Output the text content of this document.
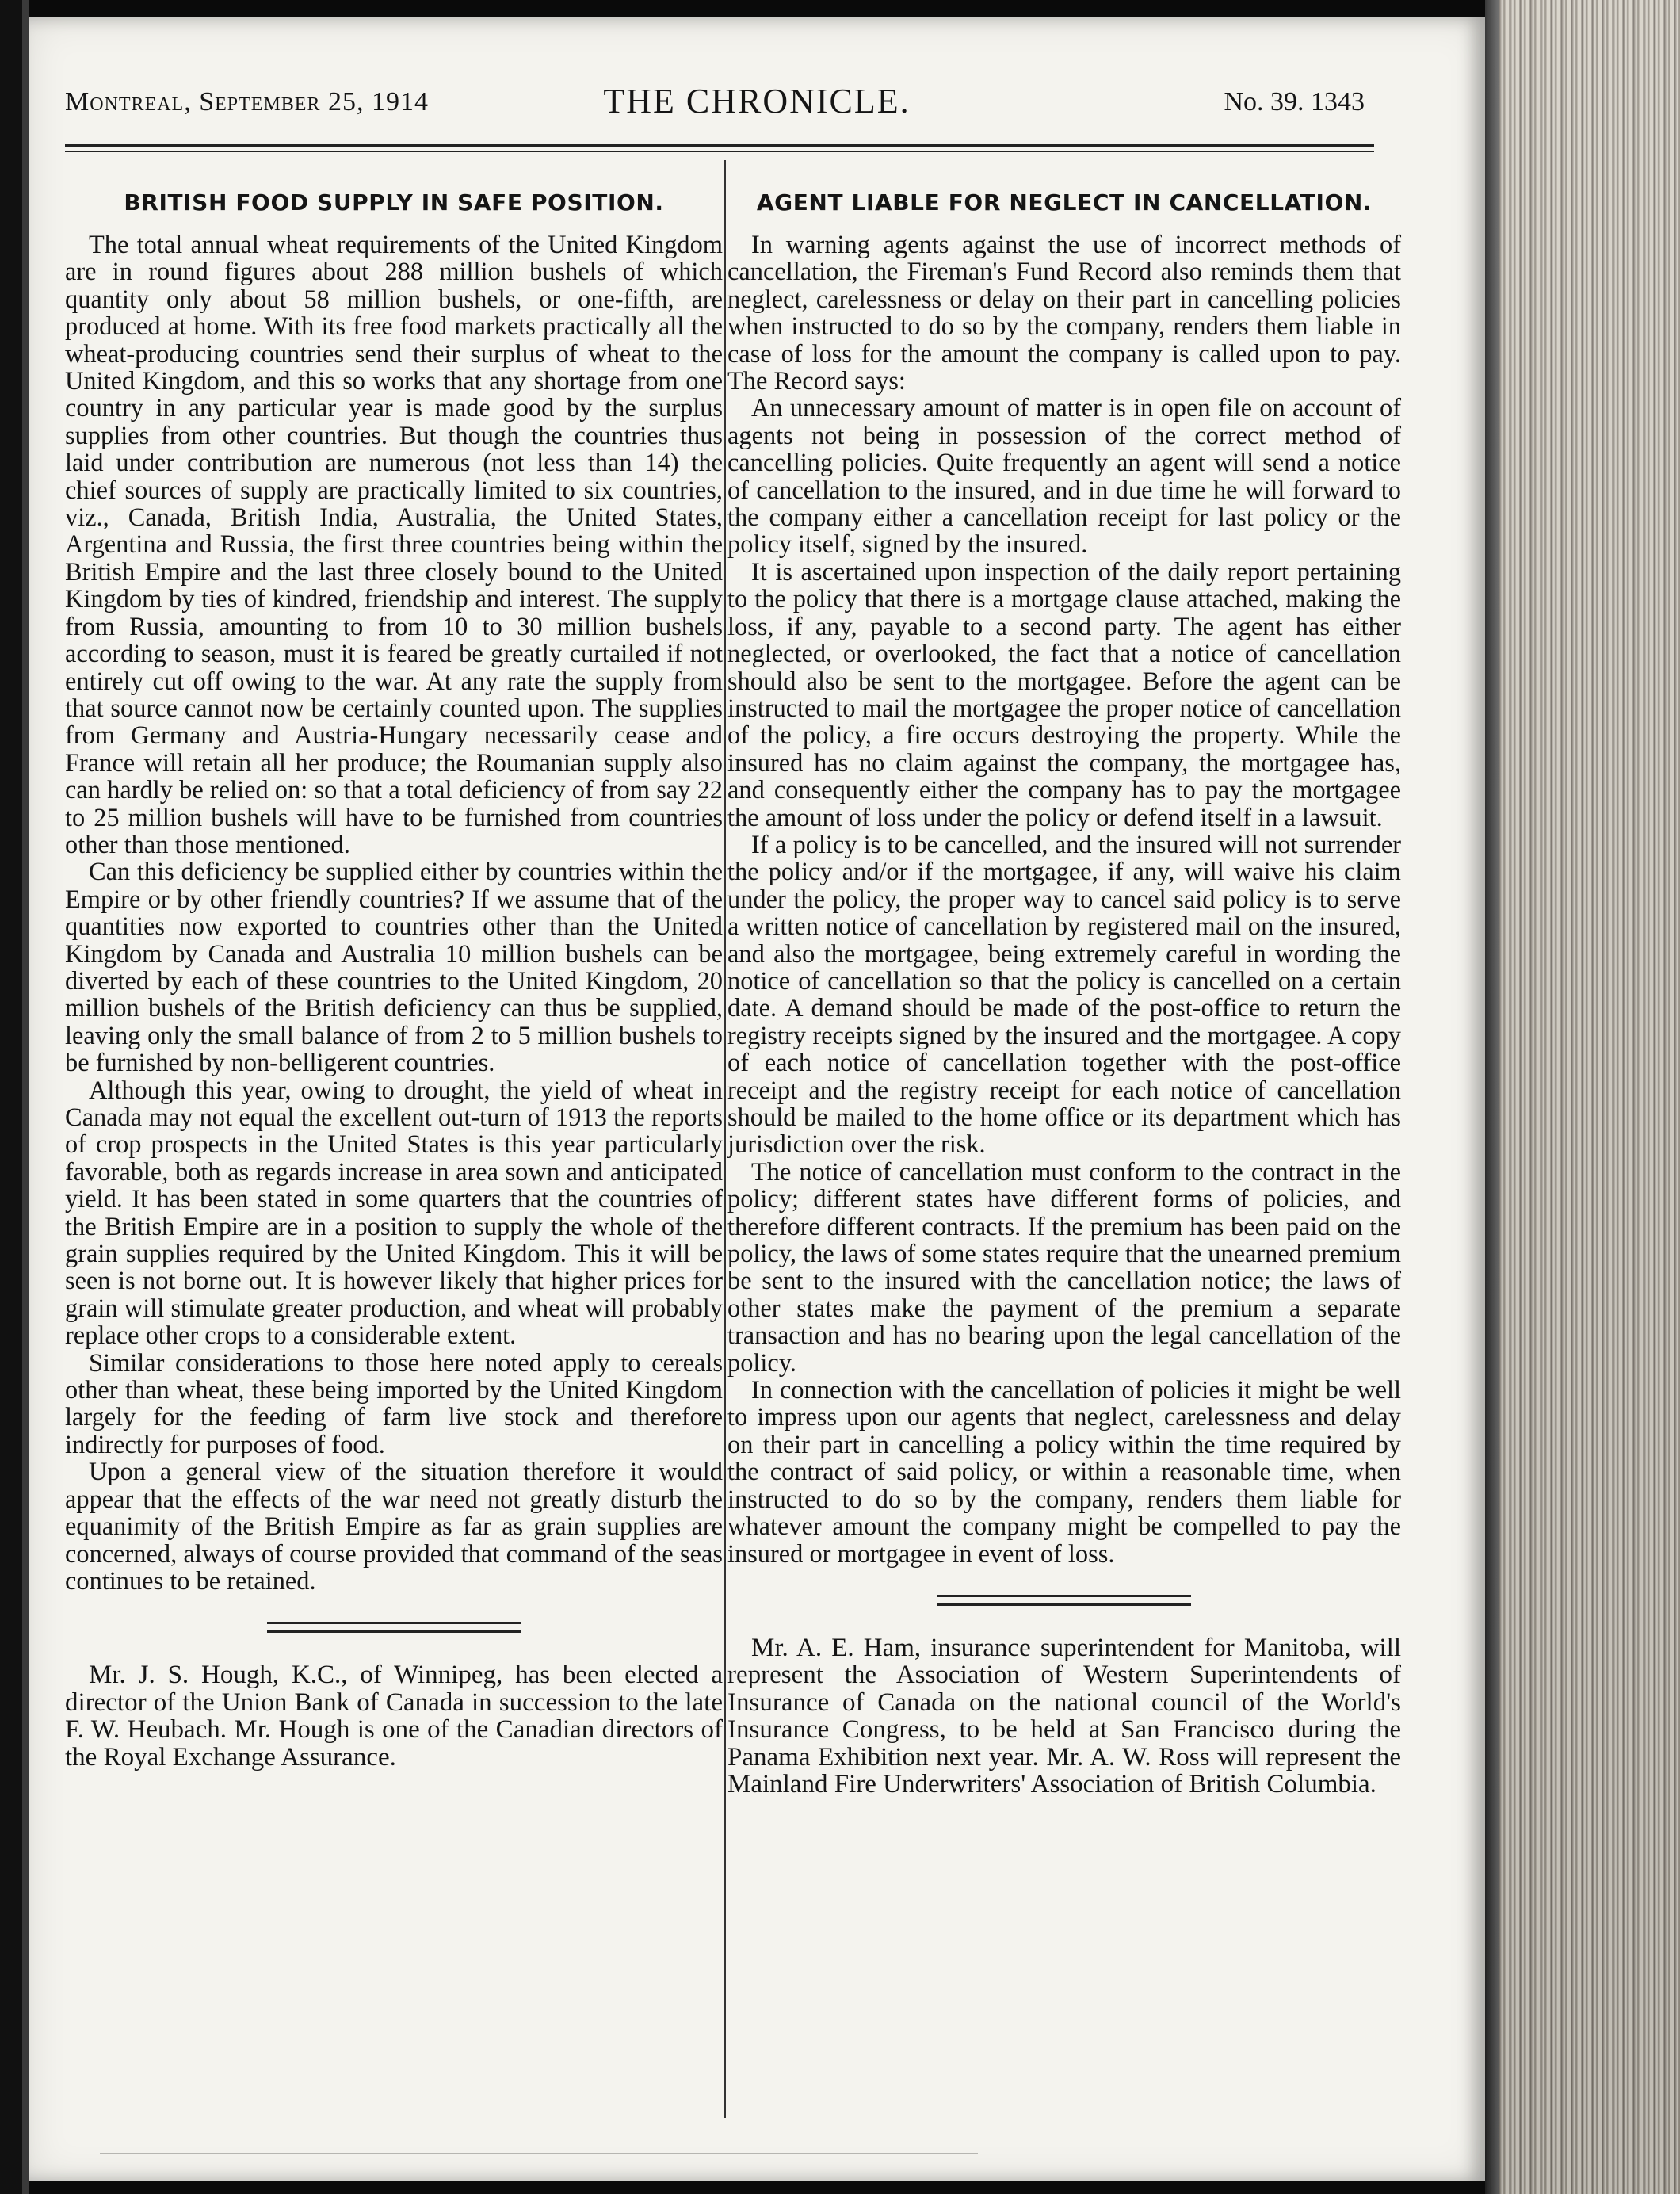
Montreal, September 25, 1914	THE CHRONICLE.	No. 39. 1343
BRITISH FOOD SUPPLY IN SAFE POSITION.

The total annual wheat requirements of the United Kingdom are in round figures about 288 million bushels of which quantity only about 58 million bushels, or one-fifth, are produced at home. With its free food markets practically all the wheat-producing countries send their surplus of wheat to the United Kingdom, and this so works that any shortage from one country in any particular year is made good by the surplus supplies from other countries. But though the countries thus laid under contribution are numerous (not less than 14) the chief sources of supply are practically limited to six countries, viz., Canada, British India, Australia, the United States, Argentina and Russia, the first three countries being within the British Empire and the last three closely bound to the United Kingdom by ties of kindred, friendship and interest. The supply from Russia, amounting to from 10 to 30 million bushels according to season, must it is feared be greatly curtailed if not entirely cut off owing to the war. At any rate the supply from that source cannot now be certainly counted upon. The supplies from Germany and Austria-Hungary necessarily cease and France will retain all her produce; the Roumanian supply also can hardly be relied on: so that a total deficiency of from say 22 to 25 million bushels will have to be furnished from countries other than those mentioned.

Can this deficiency be supplied either by countries within the Empire or by other friendly countries? If we assume that of the quantities now exported to countries other than the United Kingdom by Canada and Australia 10 million bushels can be diverted by each of these countries to the United Kingdom, 20 million bushels of the British deficiency can thus be supplied, leaving only the small balance of from 2 to 5 million bushels to be furnished by non-belligerent countries.

Although this year, owing to drought, the yield of wheat in Canada may not equal the excellent out-turn of 1913 the reports of crop prospects in the United States is this year particularly favorable, both as regards increase in area sown and anticipated yield. It has been stated in some quarters that the countries of the British Empire are in a position to supply the whole of the grain supplies required by the United Kingdom. This it will be seen is not borne out. It is however likely that higher prices for grain will stimulate greater production, and wheat will probably replace other crops to a considerable extent.

Similar considerations to those here noted apply to cereals other than wheat, these being imported by the United Kingdom largely for the feeding of farm live stock and therefore indirectly for purposes of food.

Upon a general view of the situation therefore it would appear that the effects of the war need not greatly disturb the equanimity of the British Empire as far as grain supplies are concerned, always of course provided that command of the seas continues to be retained.

Mr. J. S. Hough, K.C., of Winnipeg, has been elected a director of the Union Bank of Canada in succession to the late F. W. Heubach. Mr. Hough is one of the Canadian directors of the Royal Exchange Assurance.

AGENT LIABLE FOR NEGLECT IN CANCELLATION.

In warning agents against the use of incorrect methods of cancellation, the Fireman's Fund Record also reminds them that neglect, carelessness or delay on their part in cancelling policies when instructed to do so by the company, renders them liable in case of loss for the amount the company is called upon to pay. The Record says:

An unnecessary amount of matter is in open file on account of agents not being in possession of the correct method of cancelling policies. Quite frequently an agent will send a notice of cancellation to the insured, and in due time he will forward to the company either a cancellation receipt for last policy or the policy itself, signed by the insured.

It is ascertained upon inspection of the daily report pertaining to the policy that there is a mortgage clause attached, making the loss, if any, payable to a second party. The agent has either neglected, or overlooked, the fact that a notice of cancellation should also be sent to the mortgagee. Before the agent can be instructed to mail the mortgagee the proper notice of cancellation of the policy, a fire occurs destroying the property. While the insured has no claim against the company, the mortgagee has, and consequently either the company has to pay the mortgagee the amount of loss under the policy or defend itself in a lawsuit.

If a policy is to be cancelled, and the insured will not surrender the policy and/or if the mortgagee, if any, will waive his claim under the policy, the proper way to cancel said policy is to serve a written notice of cancellation by registered mail on the insured, and also the mortgagee, being extremely careful in wording the notice of cancellation so that the policy is cancelled on a certain date. A demand should be made of the post-office to return the registry receipts signed by the insured and the mortgagee. A copy of each notice of cancellation together with the post-office receipt and the registry receipt for each notice of cancellation should be mailed to the home office or its department which has jurisdiction over the risk.

The notice of cancellation must conform to the contract in the policy; different states have different forms of policies, and therefore different contracts. If the premium has been paid on the policy, the laws of some states require that the unearned premium be sent to the insured with the cancellation notice; the laws of other states make the payment of the premium a separate transaction and has no bearing upon the legal cancellation of the policy.

In connection with the cancellation of policies it might be well to impress upon our agents that neglect, carelessness and delay on their part in cancelling a policy within the time required by the contract of said policy, or within a reasonable time, when instructed to do so by the company, renders them liable for whatever amount the company might be compelled to pay the insured or mortgagee in event of loss.

Mr. A. E. Ham, insurance superintendent for Manitoba, will represent the Association of Western Superintendents of Insurance of Canada on the national council of the World's Insurance Congress, to be held at San Francisco during the Panama Exhibition next year. Mr. A. W. Ross will represent the Mainland Fire Underwriters' Association of British Columbia.
